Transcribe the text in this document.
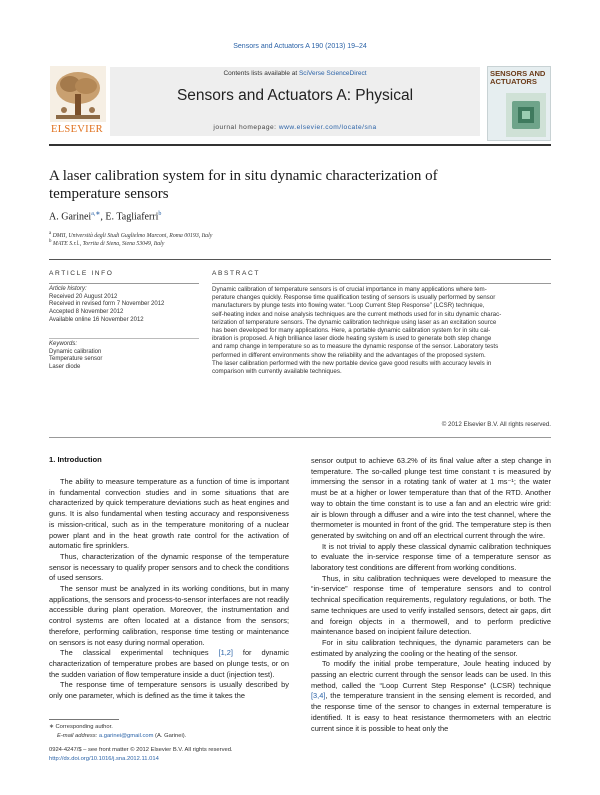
Sensors and Actuators A 190 (2013) 19–24
Contents lists available at SciVerse ScienceDirect
Sensors and Actuators A: Physical
journal homepage: www.elsevier.com/locate/sna
ELSEVIER
SENSORS AND ACTUATORS
A laser calibration system for in situ dynamic characterization of temperature sensors
A. Garinei$^{a,∗}$, E. Tagliaferri$^b$
$^a$ DMII, Università degli Studi Guglielmo Marconi, Roma 00193, Italy
$^b$ MATE S.r.l., Torrita di Siena, Siena 53049, Italy
ARTICLE INFO
Article history:
Received 20 August 2012
Received in revised form 7 November 2012
Accepted 8 November 2012
Available online 16 November 2012
Keywords:
Dynamic calibration
Temperature sensor
Laser diode
ABSTRACT
Dynamic calibration of temperature sensors is of crucial importance in many applications where tem-
perature changes quickly. Response time qualification testing of sensors is usually performed by sensor
manufacturers by plunge tests into flowing water. “Loop Current Step Response” (LCSR) technique,
self-heating index and noise analysis techniques are the current methods used for in situ dynamic charac-
terization of temperature sensors. The dynamic calibration technique using laser as an excitation source
has been developed for many applications. Here, a portable dynamic calibration system for in situ cal-
ibration is proposed. A high brilliance laser diode heating system is used to generate both step change
and ramp change in temperature so as to measure the dynamic response of the sensor. Laboratory tests
performed in different environments show the reliability and the advantages of the proposed system.
The laser calibration performed with the new portable device gave good results with accuracy levels in
comparison with currently available techniques.
© 2012 Elsevier B.V. All rights reserved.
1. Introduction

The ability to measure temperature as a function of time is important in fundamental convection studies and in some situations that are characterized by quick temperature deviations such as heat engines and guns. It is also fundamental when testing accuracy and responsiveness is mission-critical, such as in the temperature monitoring of a nuclear power plant and in the heat growth rate control for the activation of automatic fire sprinklers.

Thus, characterization of the dynamic response of the temperature sensor is necessary to qualify proper sensors and to check the conditions of used sensors.

The sensor must be analyzed in its working conditions, but in many applications, the sensors and process-to-sensor interfaces are not readily accessible during plant operation. Moreover, the instrumentation and control systems are often located at a distance from the sensors; therefore, performing calibration, response time testing or maintenance on sensors is not easy during normal operation.

The classical experimental techniques [1,2] for dynamic characterization of temperature probes are based on plunge tests, or on the sudden variation of flow temperature inside a duct (injection test).

The response time of temperature sensors is usually described by only one parameter, which is defined as the time it takes the

sensor output to achieve 63.2% of its final value after a step change in temperature. The so-called plunge test time constant τ is measured by immersing the sensor in a rotating tank of water at 1 ms⁻¹; the water must be at a higher or lower temperature than that of the RTD. Another way to obtain the time constant is to use a fan and an electric wire grid: air is blown through a diffuser and a wire into the test channel, where the thermometer is mounted in front of the grid. The temperature step is then generated by switching on and off an electrical current through the wire.

It is not trivial to apply these classical dynamic calibration techniques to evaluate the in-service response time of a temperature sensor as laboratory test conditions are different from working conditions.

Thus, in situ calibration techniques were developed to measure the “in-service” response time of temperature sensors and to control technical specification requirements, regulatory regulations, or both. The same techniques are used to verify installed sensors, detect air gaps, dirt and foreign objects in a thermowell, and to perform predictive maintenance based on incipient failure detection.

For in situ calibration techniques, the dynamic parameters can be estimated by analyzing the cooling or the heating of the sensor.

To modify the initial probe temperature, Joule heating induced by passing an electric current through the sensor leads can be used. In this method, called the “Loop Current Step Response” (LCSR) technique [3,4], the temperature transient in the sensing element is recorded, and the response time of the sensor to changes in external temperature is identified. It is easy to heat resistance thermometers with an electric current since it is possible to heat only the

∗ Corresponding author.
E-mail address: a.garinei@gmail.com (A. Garinei).
0924-4247/$ – see front matter © 2012 Elsevier B.V. All rights reserved.
http://dx.doi.org/10.1016/j.sna.2012.11.014
